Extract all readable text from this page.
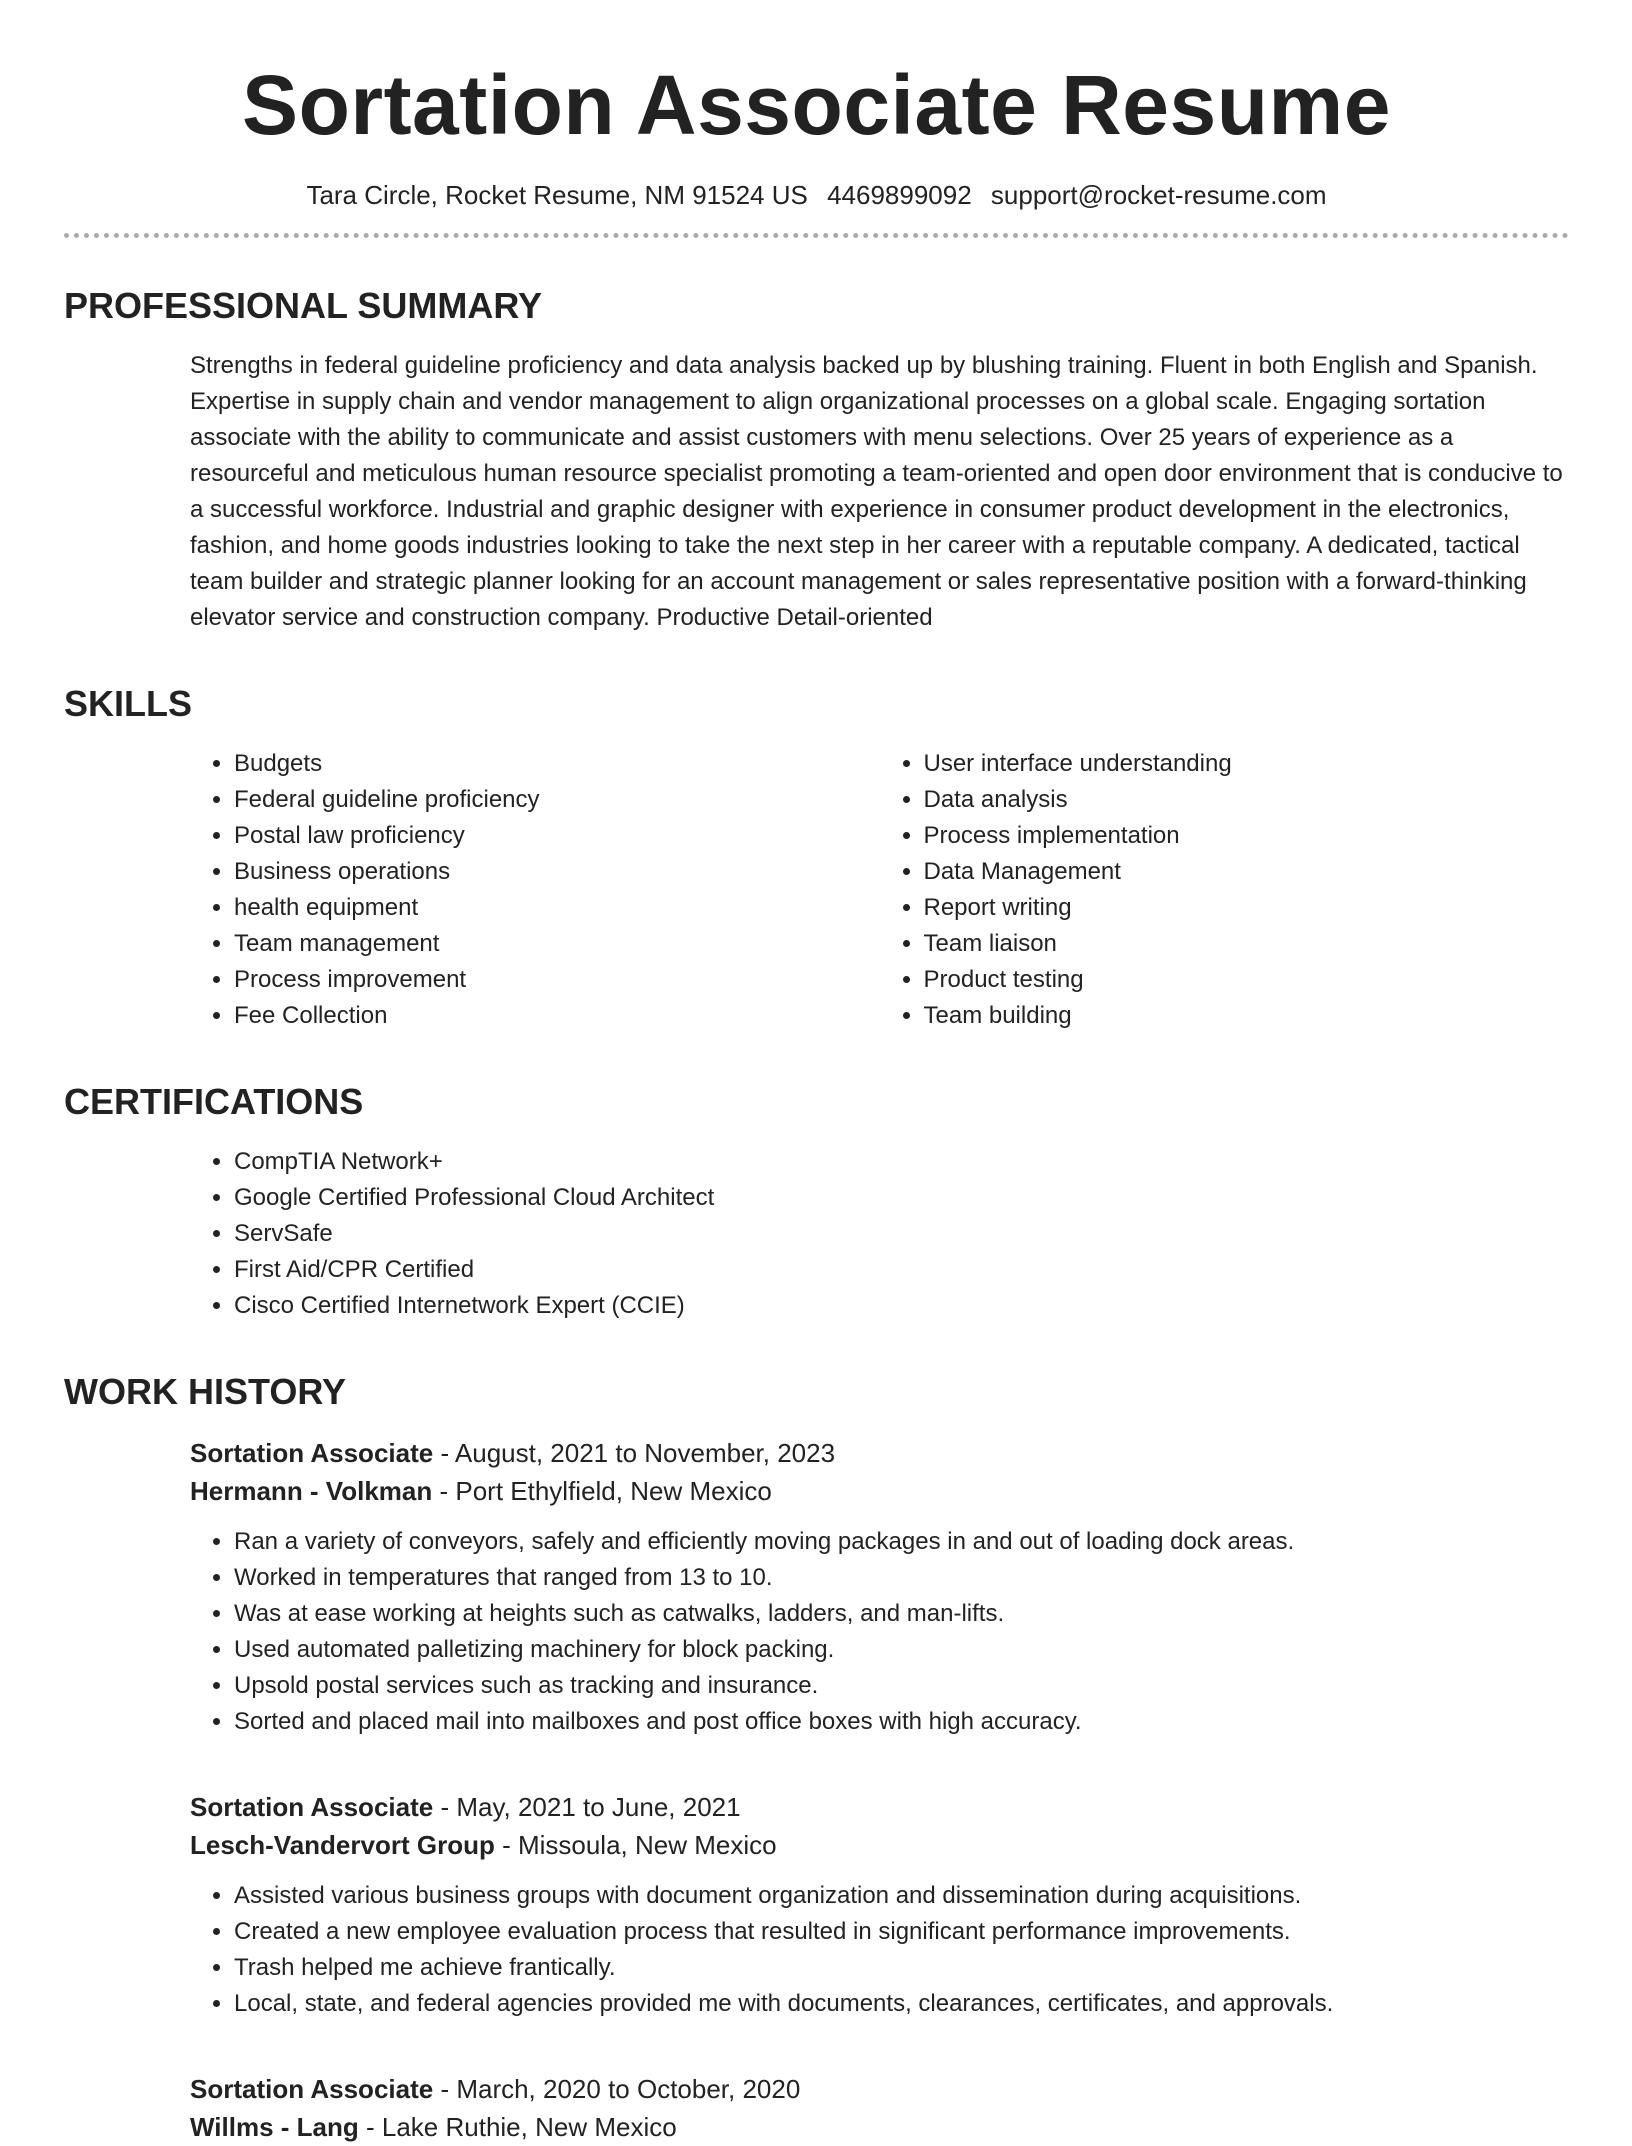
Sortation Associate Resume
Tara Circle, Rocket Resume, NM 91524 US 4469899092 support@rocket-resume.com
PROFESSIONAL SUMMARY
Strengths in federal guideline proficiency and data analysis backed up by blushing training. Fluent in both English and Spanish. Expertise in supply chain and vendor management to align organizational processes on a global scale. Engaging sortation associate with the ability to communicate and assist customers with menu selections. Over 25 years of experience as a resourceful and meticulous human resource specialist promoting a team-oriented and open door environment that is conducive to a successful workforce. Industrial and graphic designer with experience in consumer product development in the electronics, fashion, and home goods industries looking to take the next step in her career with a reputable company. A dedicated, tactical team builder and strategic planner looking for an account management or sales representative position with a forward-thinking elevator service and construction company. Productive Detail-oriented
SKILLS
• Budgets
• Federal guideline proficiency
• Postal law proficiency
• Business operations
• health equipment
• Team management
• Process improvement
• Fee Collection
• User interface understanding
• Data analysis
• Process implementation
• Data Management
• Report writing
• Team liaison
• Product testing
• Team building
CERTIFICATIONS
• CompTIA Network+
• Google Certified Professional Cloud Architect
• ServSafe
• First Aid/CPR Certified
• Cisco Certified Internetwork Expert (CCIE)
WORK HISTORY
Sortation Associate - August, 2021 to November, 2023
Hermann - Volkman - Port Ethylfield, New Mexico
• Ran a variety of conveyors, safely and efficiently moving packages in and out of loading dock areas.
• Worked in temperatures that ranged from 13 to 10.
• Was at ease working at heights such as catwalks, ladders, and man-lifts.
• Used automated palletizing machinery for block packing.
• Upsold postal services such as tracking and insurance.
• Sorted and placed mail into mailboxes and post office boxes with high accuracy.
Sortation Associate - May, 2021 to June, 2021
Lesch-Vandervort Group - Missoula, New Mexico
• Assisted various business groups with document organization and dissemination during acquisitions.
• Created a new employee evaluation process that resulted in significant performance improvements.
• Trash helped me achieve frantically.
• Local, state, and federal agencies provided me with documents, clearances, certificates, and approvals.
Sortation Associate - March, 2020 to October, 2020
Willms - Lang - Lake Ruthie, New Mexico
